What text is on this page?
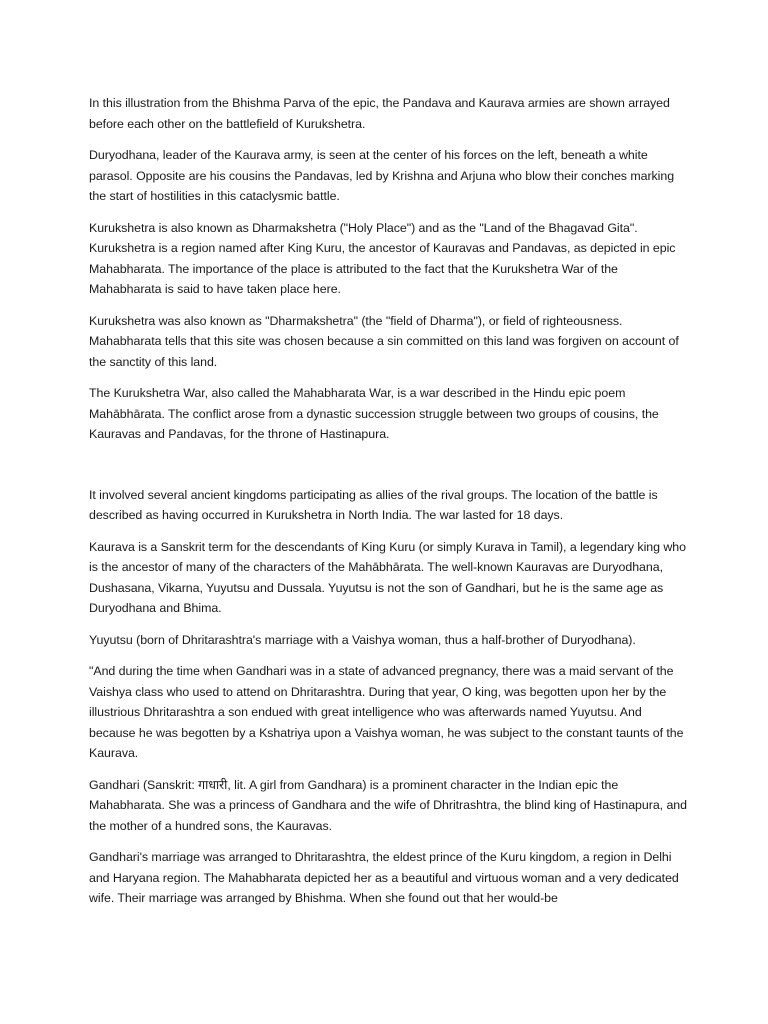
In this illustration from the Bhishma Parva of the epic, the Pandava and Kaurava armies are shown arrayed before each other on the battlefield of Kurukshetra.

Duryodhana, leader of the Kaurava army, is seen at the center of his forces on the left, beneath a white parasol. Opposite are his cousins the Pandavas, led by Krishna and Arjuna who blow their conches marking the start of hostilities in this cataclysmic battle.

Kurukshetra is also known as Dharmakshetra ("Holy Place") and as the "Land of the Bhagavad Gita". Kurukshetra is a region named after King Kuru, the ancestor of Kauravas and Pandavas, as depicted in epic Mahabharata. The importance of the place is attributed to the fact that the Kurukshetra War of the Mahabharata is said to have taken place here.

Kurukshetra was also known as "Dharmakshetra" (the "field of Dharma"), or field of righteousness. Mahabharata tells that this site was chosen because a sin committed on this land was forgiven on account of the sanctity of this land.

The Kurukshetra War, also called the Mahabharata War, is a war described in the Hindu epic poem Mahābhārata. The conflict arose from a dynastic succession struggle between two groups of cousins, the Kauravas and Pandavas, for the throne of Hastinapura.

It involved several ancient kingdoms participating as allies of the rival groups. The location of the battle is described as having occurred in Kurukshetra in North India. The war lasted for 18 days.

Kaurava is a Sanskrit term for the descendants of King Kuru (or simply Kurava in Tamil), a legendary king who is the ancestor of many of the characters of the Mahābhārata. The well-known Kauravas are Duryodhana, Dushasana, Vikarna, Yuyutsu and Dussala. Yuyutsu is not the son of Gandhari, but he is the same age as Duryodhana and Bhima.

Yuyutsu (born of Dhritarashtra's marriage with a Vaishya woman, thus a half-brother of Duryodhana).

"And during the time when Gandhari was in a state of advanced pregnancy, there was a maid servant of the Vaishya class who used to attend on Dhritarashtra. During that year, O king, was begotten upon her by the illustrious Dhritarashtra a son endued with great intelligence who was afterwards named Yuyutsu. And because he was begotten by a Kshatriya upon a Vaishya woman, he was subject to the constant taunts of the Kaurava.

Gandhari (Sanskrit: गाधारी, lit. A girl from Gandhara) is a prominent character in the Indian epic the Mahabharata. She was a princess of Gandhara and the wife of Dhritrashtra, the blind king of Hastinapura, and the mother of a hundred sons, the Kauravas.

Gandhari's marriage was arranged to Dhritarashtra, the eldest prince of the Kuru kingdom, a region in Delhi and Haryana region. The Mahabharata depicted her as a beautiful and virtuous woman and a very dedicated wife. Their marriage was arranged by Bhishma. When she found out that her would-be
